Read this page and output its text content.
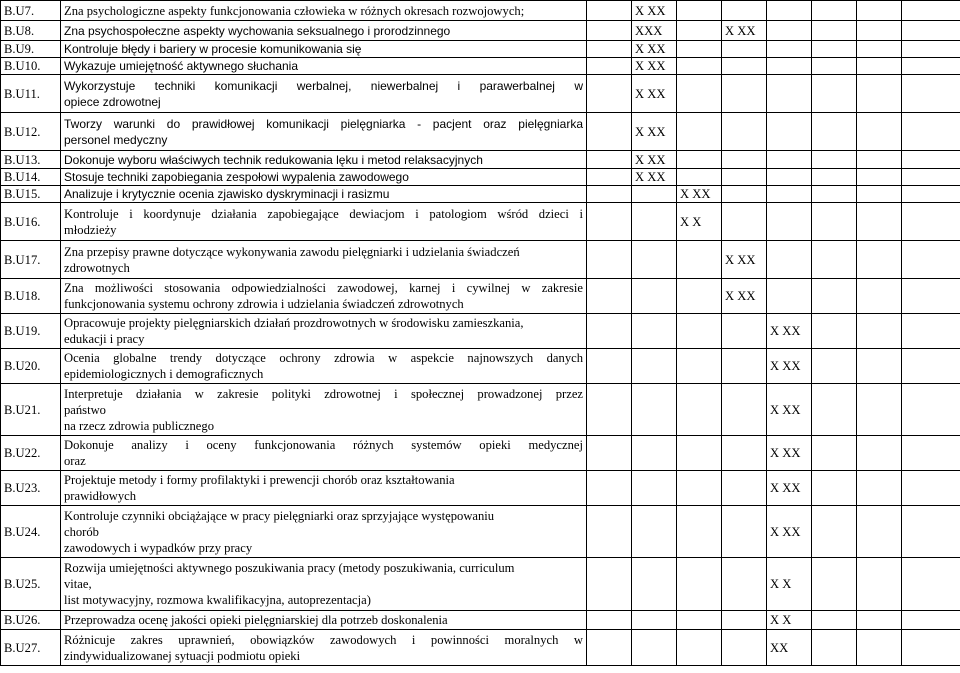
B.U7.	Zna psychologiczne aspekty funkcjonowania człowieka w różnych okresach rozwojowych;		X XX						

B.U8.	Zna psychospołeczne aspekty wychowania seksualnego i prorodzinnego		XXX		X XX				

B.U9.	Kontroluje błędy i bariery w procesie komunikowania się		X XX						

B.U10.	Wykazuje umiejętność aktywnego słuchania		X XX						

B.U11.	Wykorzystuje techniki komunikacji werbalnej, niewerbalnej i parawerbalnej w
opiece zdrowotnej		X XX						

B.U12.	Tworzy warunki do prawidłowej komunikacji pielęgniarka - pacjent oraz pielęgniarka
personel medyczny		X XX						

B.U13.	Dokonuje wyboru właściwych technik redukowania lęku i metod relaksacyjnych		X XX						

B.U14.	Stosuje techniki zapobiegania zespołowi wypalenia zawodowego		X XX						

B.U15.	Analizuje i krytycznie ocenia zjawisko dyskryminacji i rasizmu			X XX					

B.U16.	Kontroluje i koordynuje działania zapobiegające dewiacjom i patologiom wśród dzieci i
młodzieży			X X					

B.U17.	Zna przepisy prawne dotyczące wykonywania zawodu pielęgniarki i udzielania świadczeń
zdrowotnych				X XX				

B.U18.	Zna możliwości stosowania odpowiedzialności zawodowej, karnej i cywilnej w zakresie
funkcjonowania systemu ochrony zdrowia i udzielania świadczeń zdrowotnych				X XX				

B.U19.	Opracowuje projekty pielęgniarskich działań prozdrowotnych w środowisku zamieszkania,
edukacji i pracy					X XX			

B.U20.	Ocenia globalne trendy dotyczące ochrony zdrowia w aspekcie najnowszych danych
epidemiologicznych i demograficznych					X XX			

B.U21.	Interpretuje działania w zakresie polityki zdrowotnej i społecznej prowadzonej przez
państwo
na rzecz zdrowia publicznego					X XX			

B.U22.	Dokonuje analizy i oceny funkcjonowania różnych systemów opieki medycznej
oraz					X XX			

B.U23.	Projektuje metody i formy profilaktyki i prewencji chorób oraz kształtowania
prawidłowych					X XX			

B.U24.	Kontroluje czynniki obciążające w pracy pielęgniarki oraz sprzyjające występowaniu
chorób
zawodowych i wypadków przy pracy					X XX			

B.U25.	Rozwija umiejętności aktywnego poszukiwania pracy (metody poszukiwania, curriculum
vitae,
list motywacyjny, rozmowa kwalifikacyjna, autoprezentacja)					X X			

B.U26.	Przeprowadza ocenę jakości opieki pielęgniarskiej dla potrzeb doskonalenia					X X			

B.U27.	Różnicuje zakres uprawnień, obowiązków zawodowych i powinności moralnych w
zindywidualizowanej sytuacji podmiotu opieki					XX			
